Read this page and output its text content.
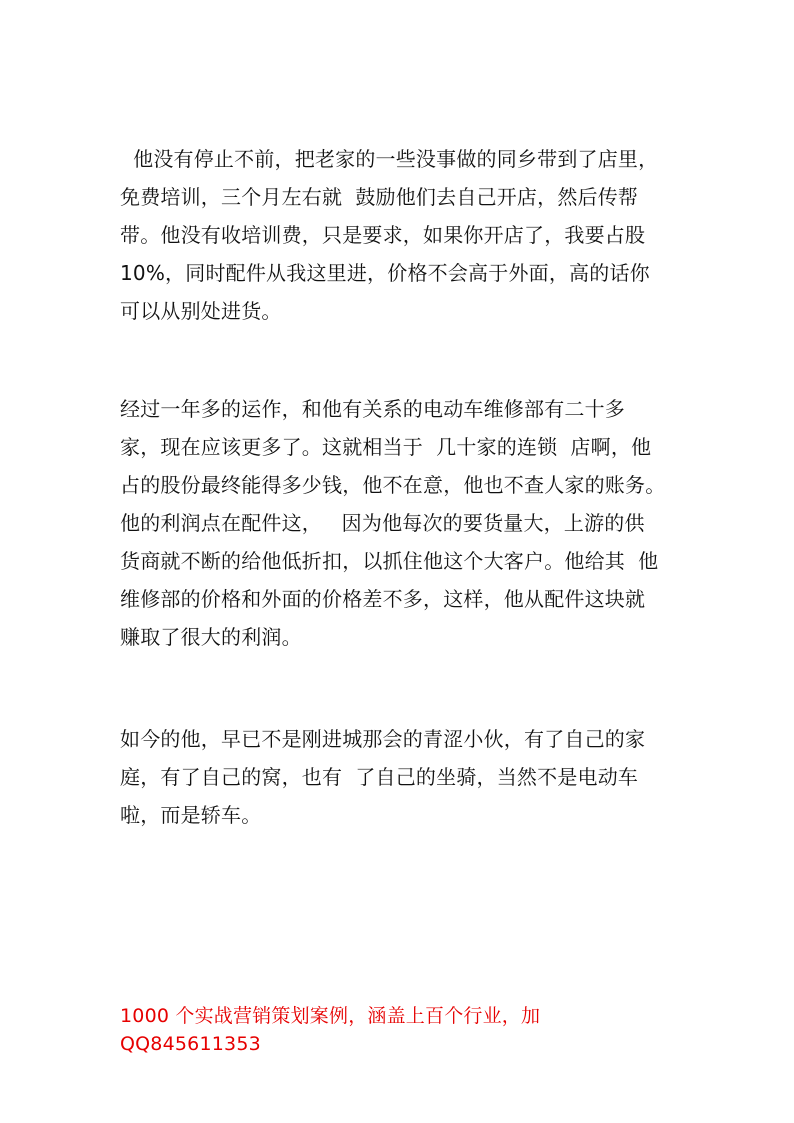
他没有停止不前，把老家的一些没事做的同乡带到了店里，
免费培训，三个月左右就  鼓励他们去自己开店，然后传帮
带。他没有收培训费，只是要求，如果你开店了，我要占股
10%，同时配件从我这里进，价格不会高于外面，高的话你
可以从别处进货。
经过一年多的运作，和他有关系的电动车维修部有二十多
家，现在应该更多了。这就相当于  几十家的连锁  店啊，他
占的股份最终能得多少钱，他不在意，他也不查人家的账务。
他的利润点在配件这，   因为他每次的要货量大，上游的供
货商就不断的给他低折扣，以抓住他这个大客户。他给其  他
维修部的价格和外面的价格差不多，这样，他从配件这块就
赚取了很大的利润。
如今的他，早已不是刚进城那会的青涩小伙，有了自己的家
庭，有了自己的窝，也有  了自己的坐骑，当然不是电动车
啦，而是轿车。
1000 个实战营销策划案例，涵盖上百个行业，加
QQ845611353
